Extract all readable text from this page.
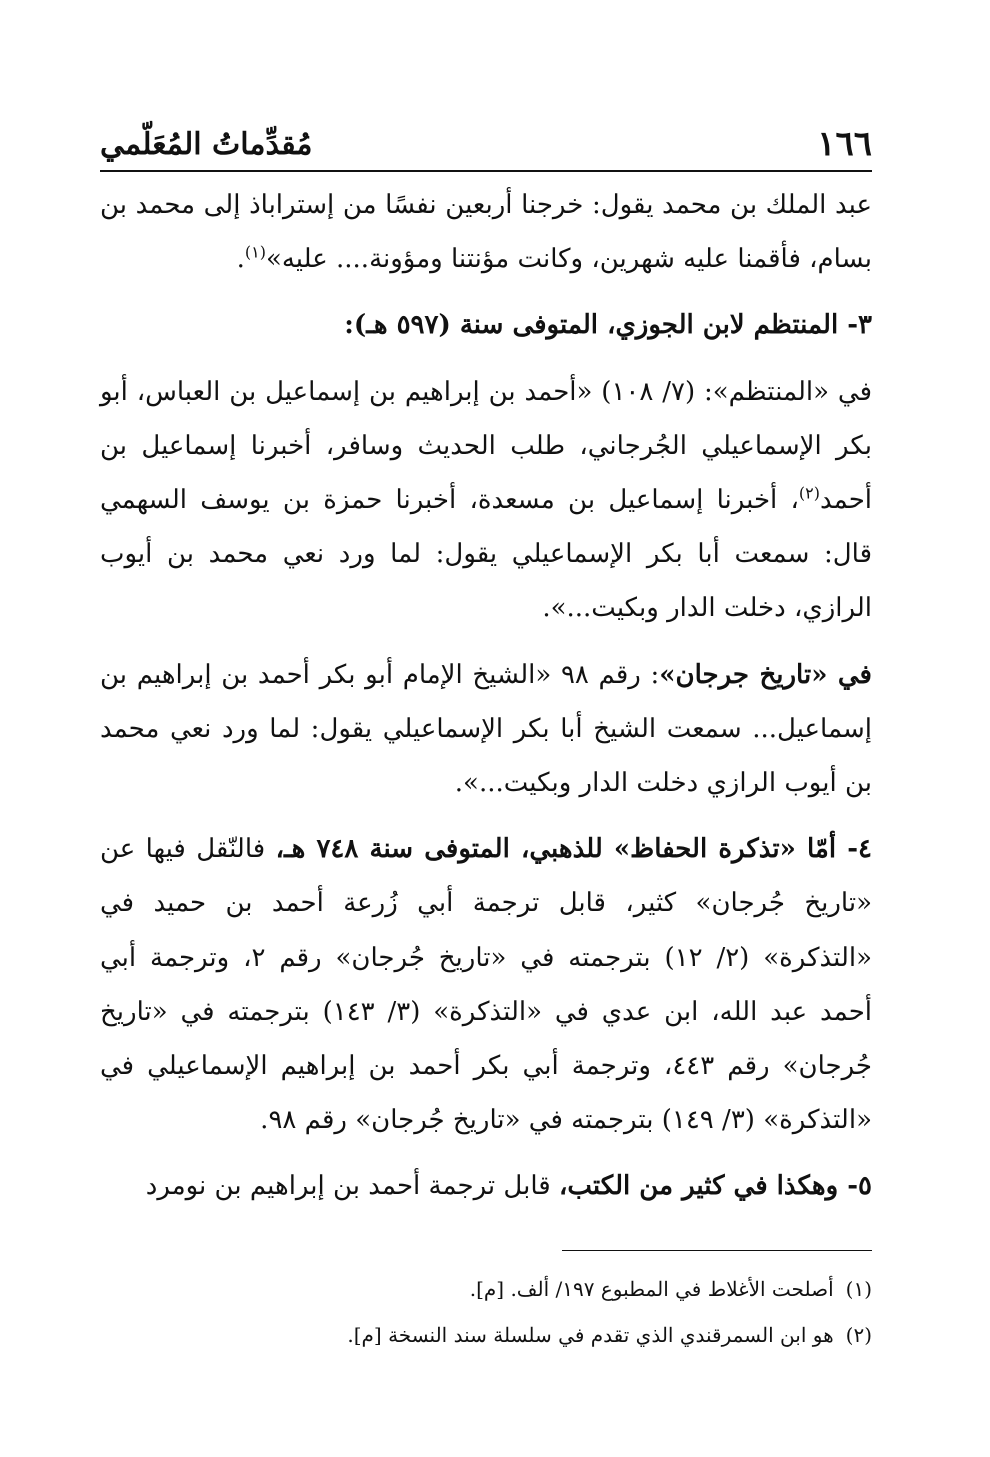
١٦٦
مُقدِّماتُ المُعَلّمي

عبد الملك بن محمد يقول: خرجنا أربعين نفسًا من إستراباذ إلى محمد بن بسام، فأقمنا عليه شهرين، وكانت مؤنتنا ومؤونة.... عليه»$^{(١)}$.

٣- المنتظم لابن الجوزي، المتوفى سنة (٥٩٧ هـ):

في «المنتظم»: (٧/ ١٠٨) «أحمد بن إبراهيم بن إسماعيل بن العباس، أبو بكر الإسماعيلي الجُرجاني، طلب الحديث وسافر، أخبرنا إسماعيل بن أحمد$^{(٢)}$، أخبرنا إسماعيل بن مسعدة، أخبرنا حمزة بن يوسف السهمي قال: سمعت أبا بكر الإسماعيلي يقول: لما ورد نعي محمد بن أيوب الرازي، دخلت الدار وبكيت...».

في «تاريخ جرجان»: رقم ٩٨ «الشيخ الإمام أبو بكر أحمد بن إبراهيم بن إسماعيل... سمعت الشيخ أبا بكر الإسماعيلي يقول: لما ورد نعي محمد بن أيوب الرازي دخلت الدار وبكيت...».

٤- أمّا «تذكرة الحفاظ» للذهبي، المتوفى سنة ٧٤٨ هـ، فالنّقل فيها عن «تاريخ جُرجان» كثير، قابل ترجمة أبي زُرعة أحمد بن حميد في «التذكرة» (٢/ ١٢) بترجمته في «تاريخ جُرجان» رقم ٢، وترجمة أبي أحمد عبد الله، ابن عدي في «التذكرة» (٣/ ١٤٣) بترجمته في «تاريخ جُرجان» رقم ٤٤٣، وترجمة أبي بكر أحمد بن إبراهيم الإسماعيلي في «التذكرة» (٣/ ١٤٩) بترجمته في «تاريخ جُرجان» رقم ٩٨.

٥- وهكذا في كثير من الكتب، قابل ترجمة أحمد بن إبراهيم بن نومرد

(١)
أصلحت الأغلاط في المطبوع ١٩٧/ ألف. [م].
(٢)
هو ابن السمرقندي الذي تقدم في سلسلة سند النسخة [م].
